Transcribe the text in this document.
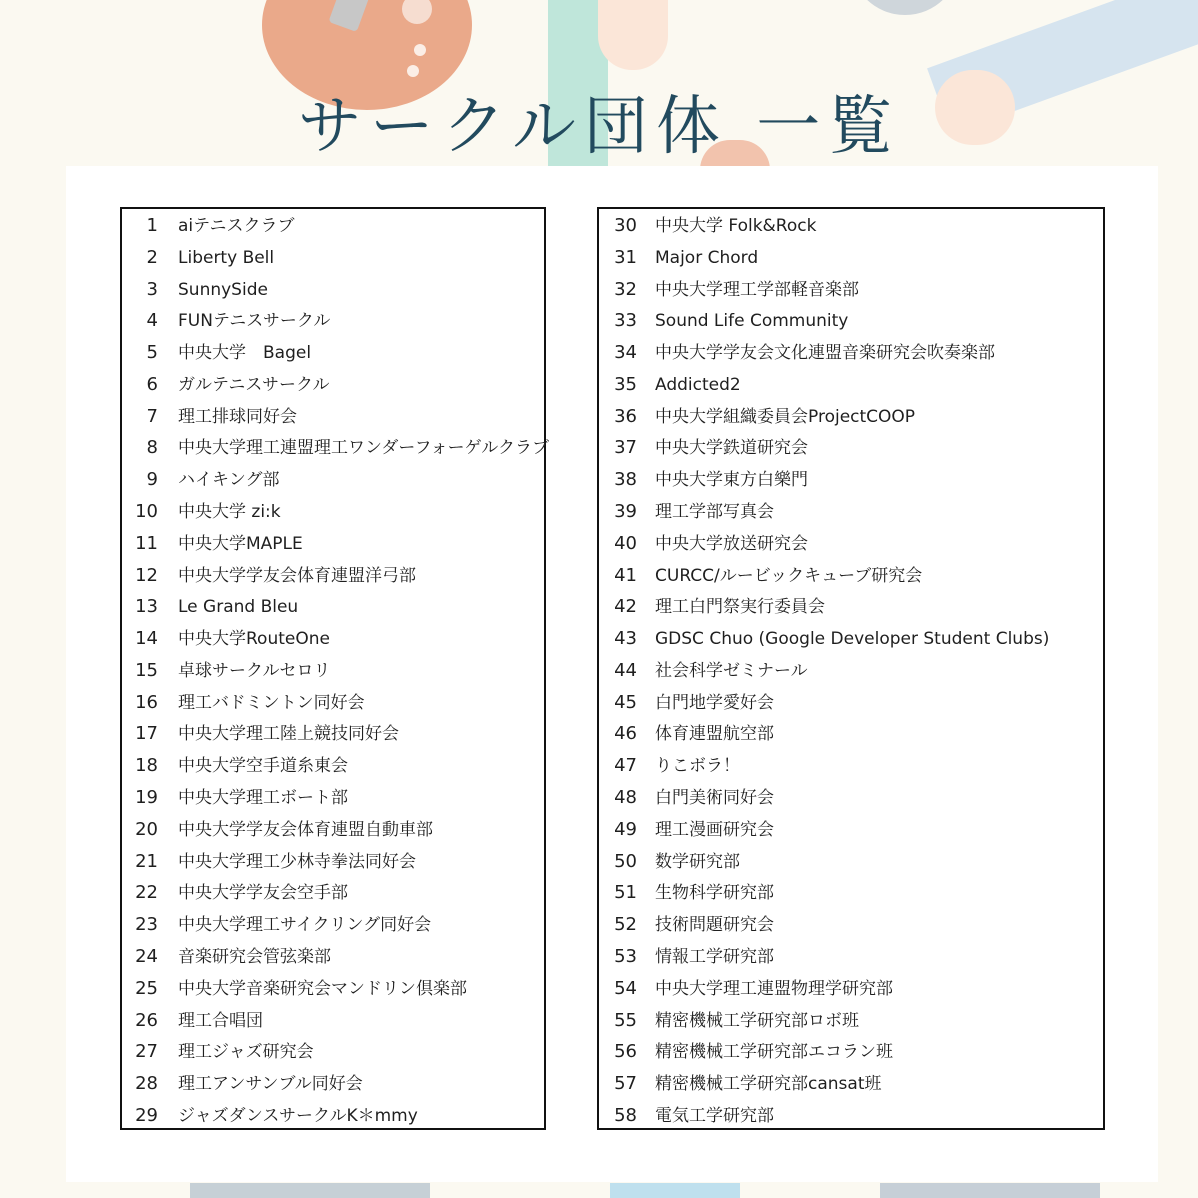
サークル団体 一覧
1 aiテニスクラブ
2 Liberty Bell
3 SunnySide
4 FUNテニスサークル
5 中央大学　Bagel
6 ガルテニスサークル
7 理工排球同好会
8 中央大学理工連盟理工ワンダーフォーゲルクラブ
9 ハイキング部
10 中央大学 zi:k
11 中央大学MAPLE
12 中央大学学友会体育連盟洋弓部
13 Le Grand Bleu
14 中央大学RouteOne
15 卓球サークルセロリ
16 理工バドミントン同好会
17 中央大学理工陸上競技同好会
18 中央大学空手道糸東会
19 中央大学理工ボート部
20 中央大学学友会体育連盟自動車部
21 中央大学理工少林寺拳法同好会
22 中央大学学友会空手部
23 中央大学理工サイクリング同好会
24 音楽研究会管弦楽部
25 中央大学音楽研究会マンドリン倶楽部
26 理工合唱団
27 理工ジャズ研究会
28 理工アンサンブル同好会
29 ジャズダンスサークルK＊mmy
30 中央大学 Folk&Rock
31 Major Chord
32 中央大学理工学部軽音楽部
33 Sound Life Community
34 中央大学学友会文化連盟音楽研究会吹奏楽部
35 Addicted2
36 中央大学組織委員会ProjectCOOP
37 中央大学鉄道研究会
38 中央大学東方白樂門
39 理工学部写真会
40 中央大学放送研究会
41 CURCC/ルービックキューブ研究会
42 理工白門祭実行委員会
43 GDSC Chuo (Google Developer Student Clubs)
44 社会科学ゼミナール
45 白門地学愛好会
46 体育連盟航空部
47 りこボラ！
48 白門美術同好会
49 理工漫画研究会
50 数学研究部
51 生物科学研究部
52 技術問題研究会
53 情報工学研究部
54 中央大学理工連盟物理学研究部
55 精密機械工学研究部ロボ班
56 精密機械工学研究部エコラン班
57 精密機械工学研究部cansat班
58 電気工学研究部
